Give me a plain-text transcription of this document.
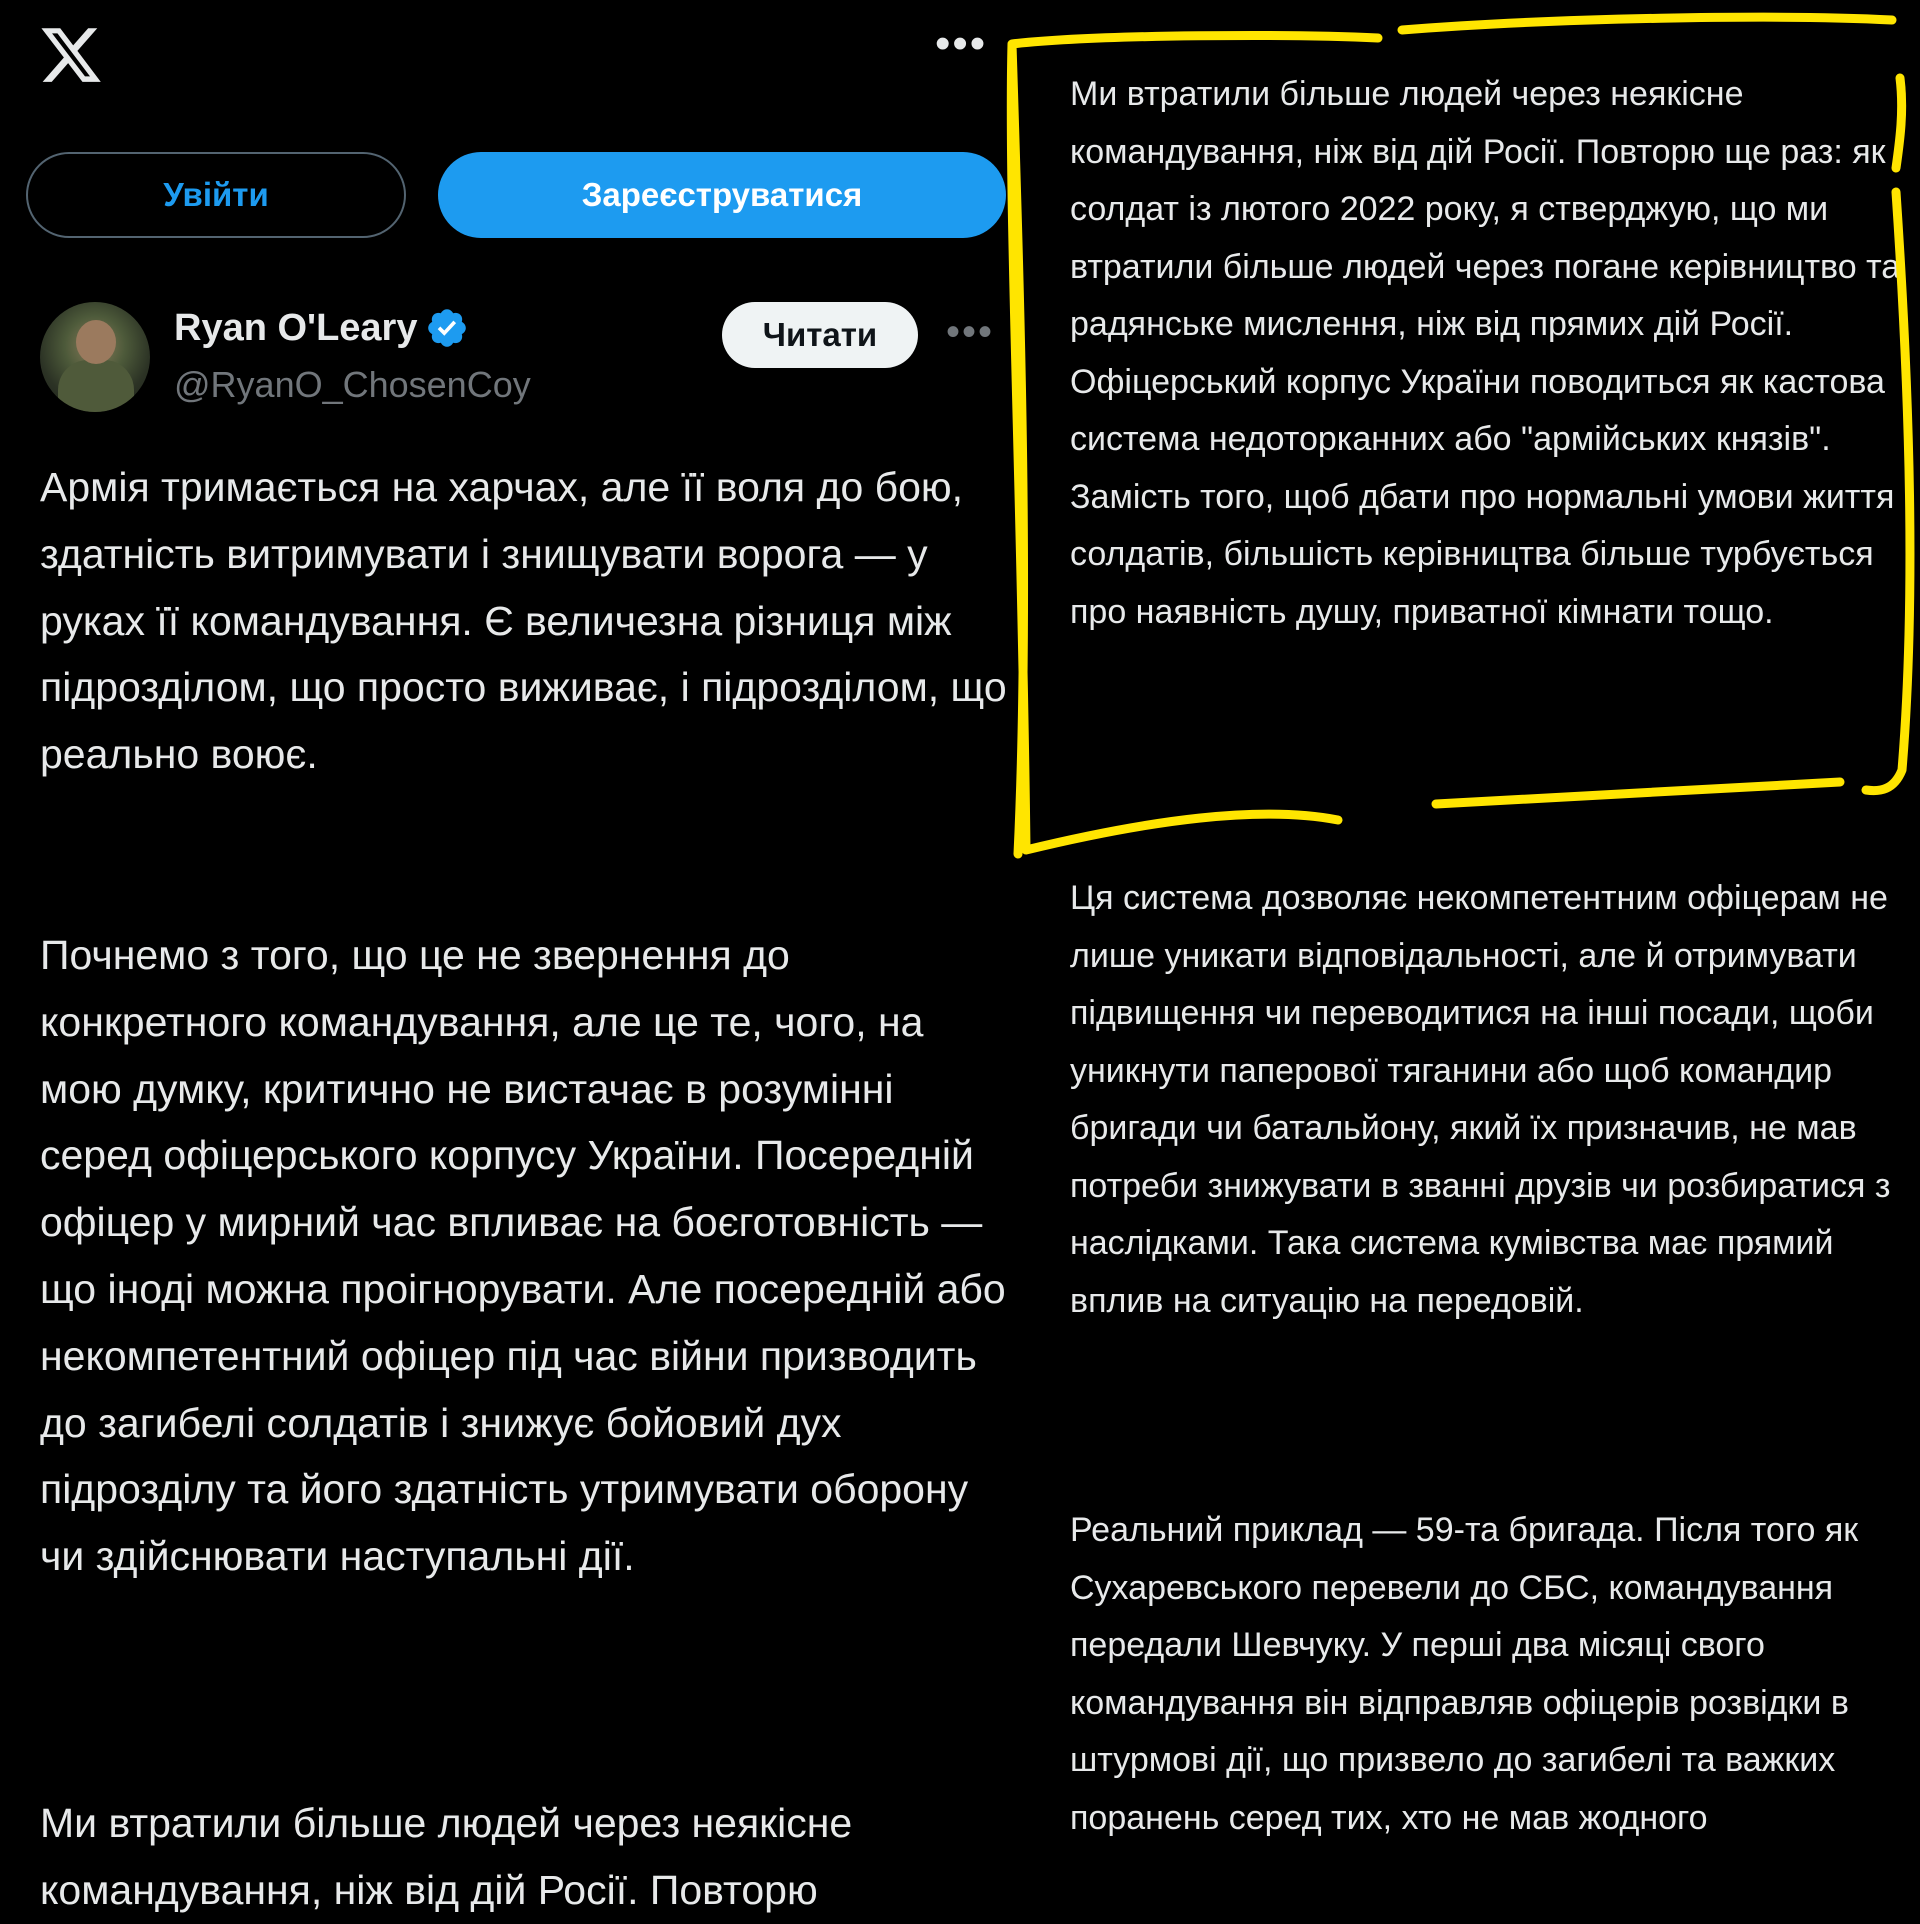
•••
Увійти	Зареєструватися
Ryan O'Leary
@RyanO_ChosenCoy
Читати	•••

Армія тримається на харчах, але її воля до бою, здатність витримувати і знищувати ворога — у руках її командування. Є величезна різниця між підрозділом, що просто виживає, і підрозділом, що реально воює.

Почнемо з того, що це не звернення до конкретного командування, але це те, чого, на мою думку, критично не вистачає в розумінні серед офіцерського корпусу України. Посередній офіцер у мирний час впливає на боєготовність — що іноді можна проігнорувати. Але посередній або некомпетентний офіцер під час війни призводить до загибелі солдатів і знижує бойовий дух підрозділу та його здатність утримувати оборону чи здійснювати наступальні дії.

Ми втратили більше людей через неякісне командування, ніж від дій Росії. Повторю

Ми втратили більше людей через неякісне командування, ніж від дій Росії. Повторю ще раз: як солдат із лютого 2022 року, я стверджую, що ми втратили більше людей через погане керівництво та радянське мислення, ніж від прямих дій Росії. Офіцерський корпус України поводиться як кастова система недоторканних або "армійських князів". Замість того, щоб дбати про нормальні умови життя солдатів, більшість керівництва більше турбується про наявність душу, приватної кімнати тощо.

Ця система дозволяє некомпетентним офіцерам не лише уникати відповідальності, але й отримувати підвищення чи переводитися на інші посади, щоби уникнути паперової тяганини або щоб командир бригади чи батальйону, який їх призначив, не мав потреби знижувати в званні друзів чи розбиратися з наслідками. Така система кумівства має прямий вплив на ситуацію на передовій.

Реальний приклад — 59-та бригада. Після того як Сухаревського перевели до СБС, командування передали Шевчуку. У перші два місяці свого командування він відправляв офіцерів розвідки в штурмові дії, що призвело до загибелі та важких поранень серед тих, хто не мав жодного
